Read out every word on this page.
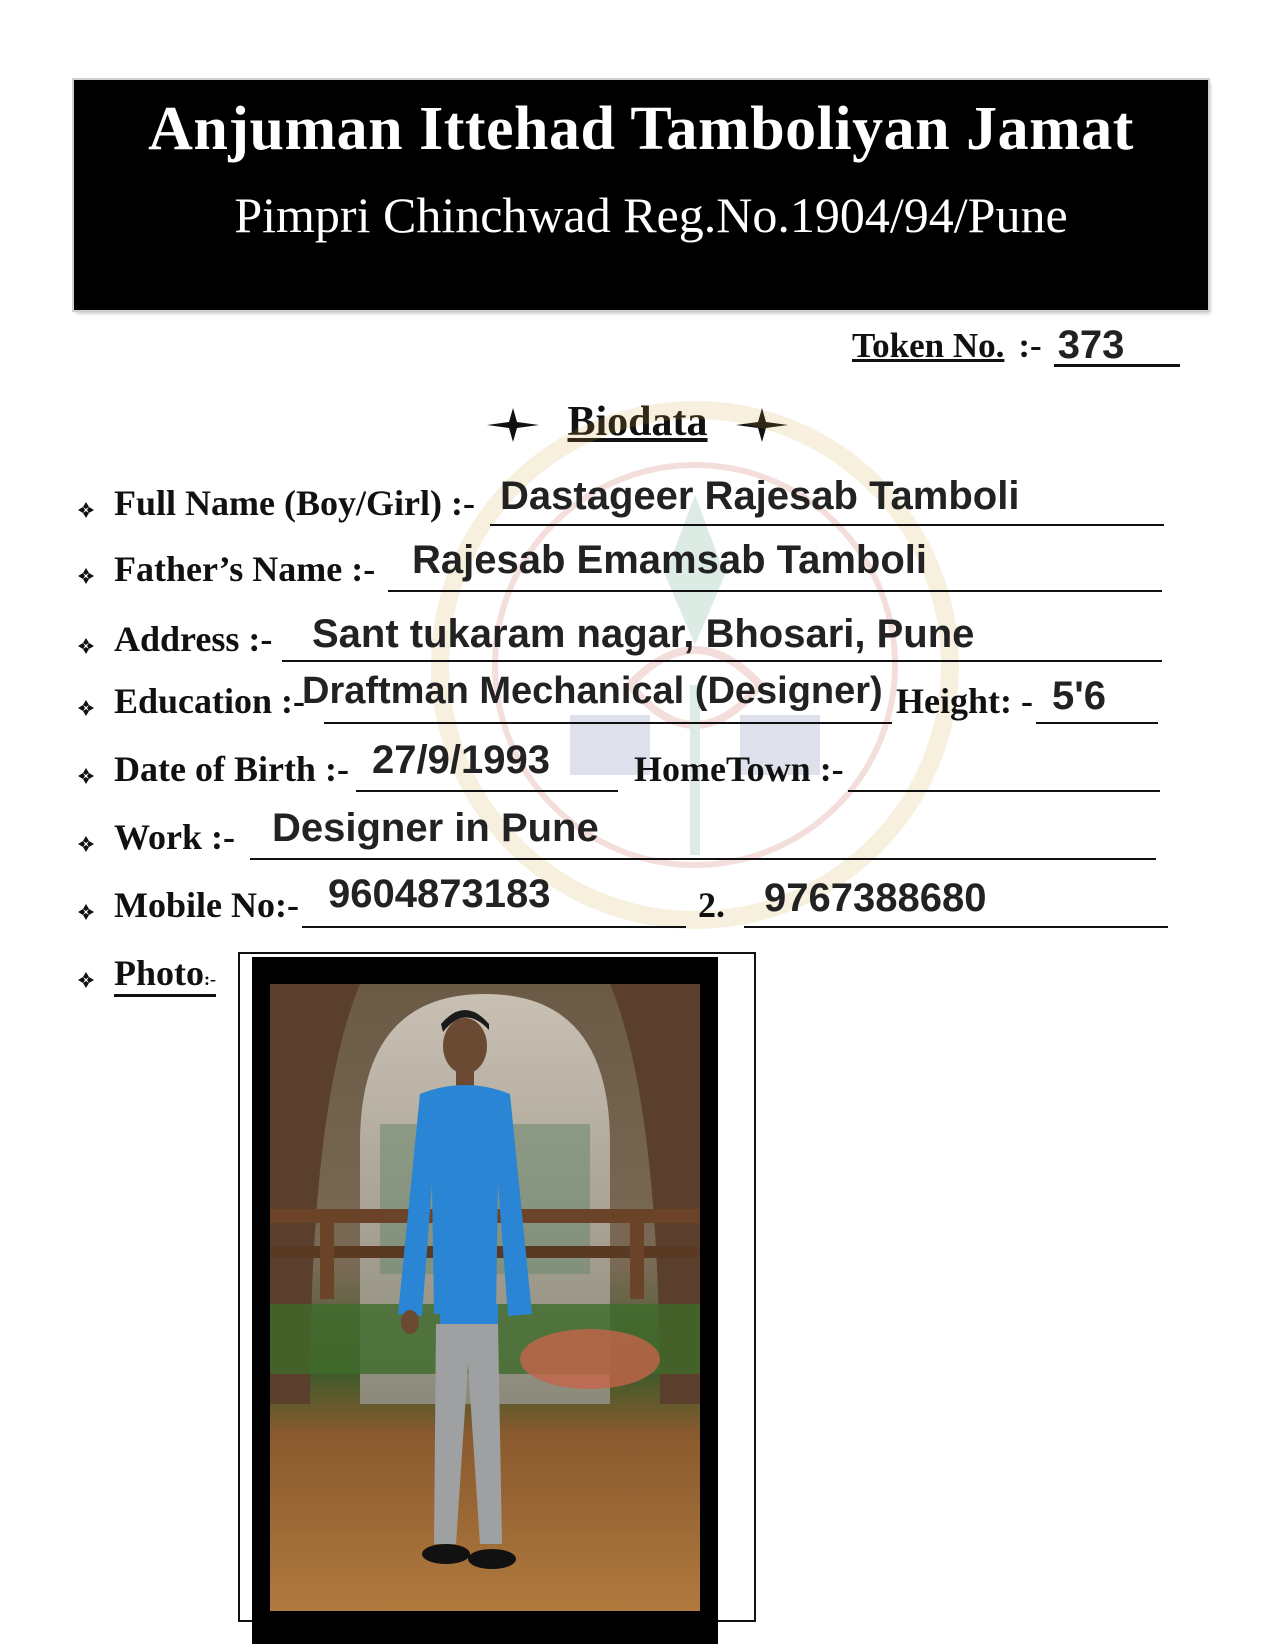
Anjuman Ittehad Tamboliyan Jamat
Pimpri Chinchwad Reg.No.1904/94/Pune
Token No. :- 373
Biodata
Full Name (Boy/Girl) :- Dastageer Rajesab Tamboli
Father’s Name :- Rajesab Emamsab Tamboli
Address :- Sant tukaram nagar, Bhosari, Pune
Education :-
Draftman Mechanical (Designer) Height: - 5'6
Date of Birth :- 27/9/1993 HomeTown :-
Work :- Designer in Pune
Mobile No:- 9604873183	2. 9767388680
Photo:-
